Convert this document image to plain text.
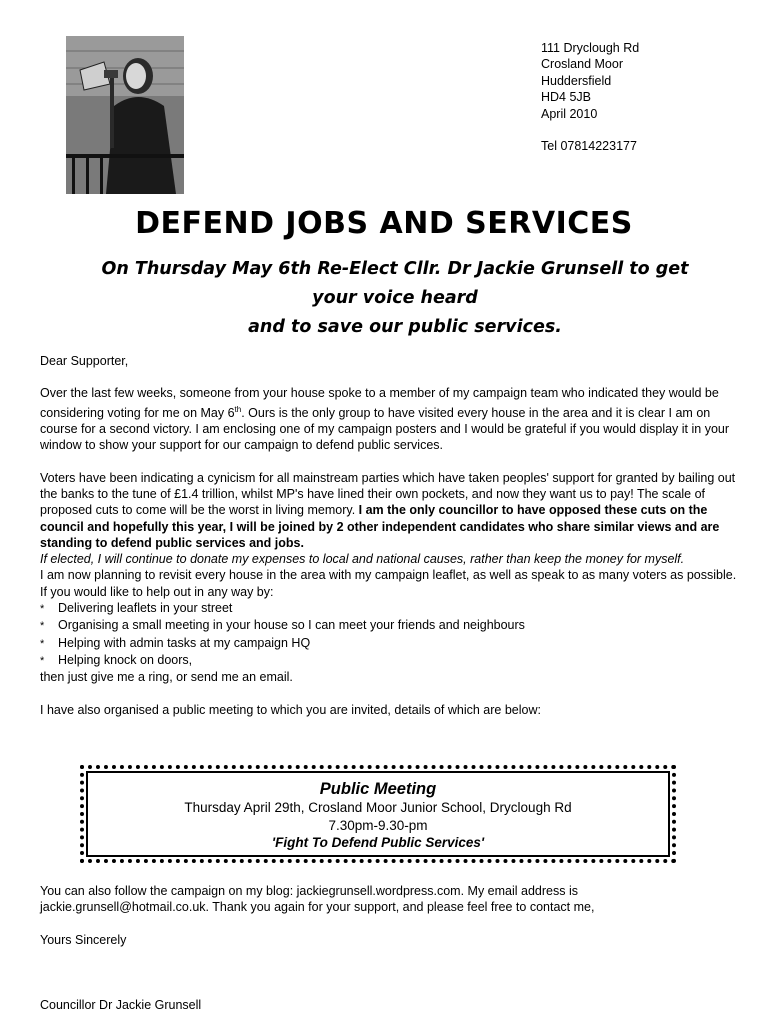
111 Dryclough Rd
Crosland Moor
Huddersfield
HD4 5JB
April 2010
Tel 07814223177
DEFEND JOBS AND SERVICES
On Thursday May 6th Re-Elect Cllr. Dr Jackie Grunsell to get
your voice heard
and to save our public services.

Dear Supporter,

Over the last few weeks, someone from your house spoke to a member of my campaign team who indicated they would be considering voting for me on May 6th. Ours is the only group to have visited every house in the area and it is clear I am on course for a second victory. I am enclosing one of my campaign posters and I would be grateful if you would display it in your window to show your support for our campaign to defend public services.

Voters have been indicating a cynicism for all mainstream parties which have taken peoples' support for granted by bailing out the banks to the tune of £1.4 trillion, whilst MP's have lined their own pockets, and now they want us to pay! The scale of proposed cuts to come will be the worst in living memory. I am the only councillor to have opposed these cuts on the council and hopefully this year, I will be joined by 2 other independent candidates who share similar views and are standing to defend public services and jobs.

If elected, I will continue to donate my expenses to local and national causes, rather than keep the money for myself.

I am now planning to revisit every house in the area with my campaign leaflet, as well as speak to as many voters as possible. If you would like to help out in any way by:

*	Delivering leaflets in your street
*	Organising a small meeting in your house so I can meet your friends and neighbours
*	Helping with admin tasks at my campaign HQ
*	Helping knock on doors,

then just give me a ring, or send me an email.

I have also organised a public meeting to which you are invited, details of which are below:

Public Meeting
Thursday April 29th, Crosland Moor Junior School, Dryclough Rd
7.30pm-9.30-pm
'Fight To Defend Public Services'

You can also follow the campaign on my blog: jackiegrunsell.wordpress.com. My email address is jackie.grunsell@hotmail.co.uk. Thank you again for your support, and please feel free to contact me,

Yours Sincerely

Councillor Dr Jackie Grunsell
